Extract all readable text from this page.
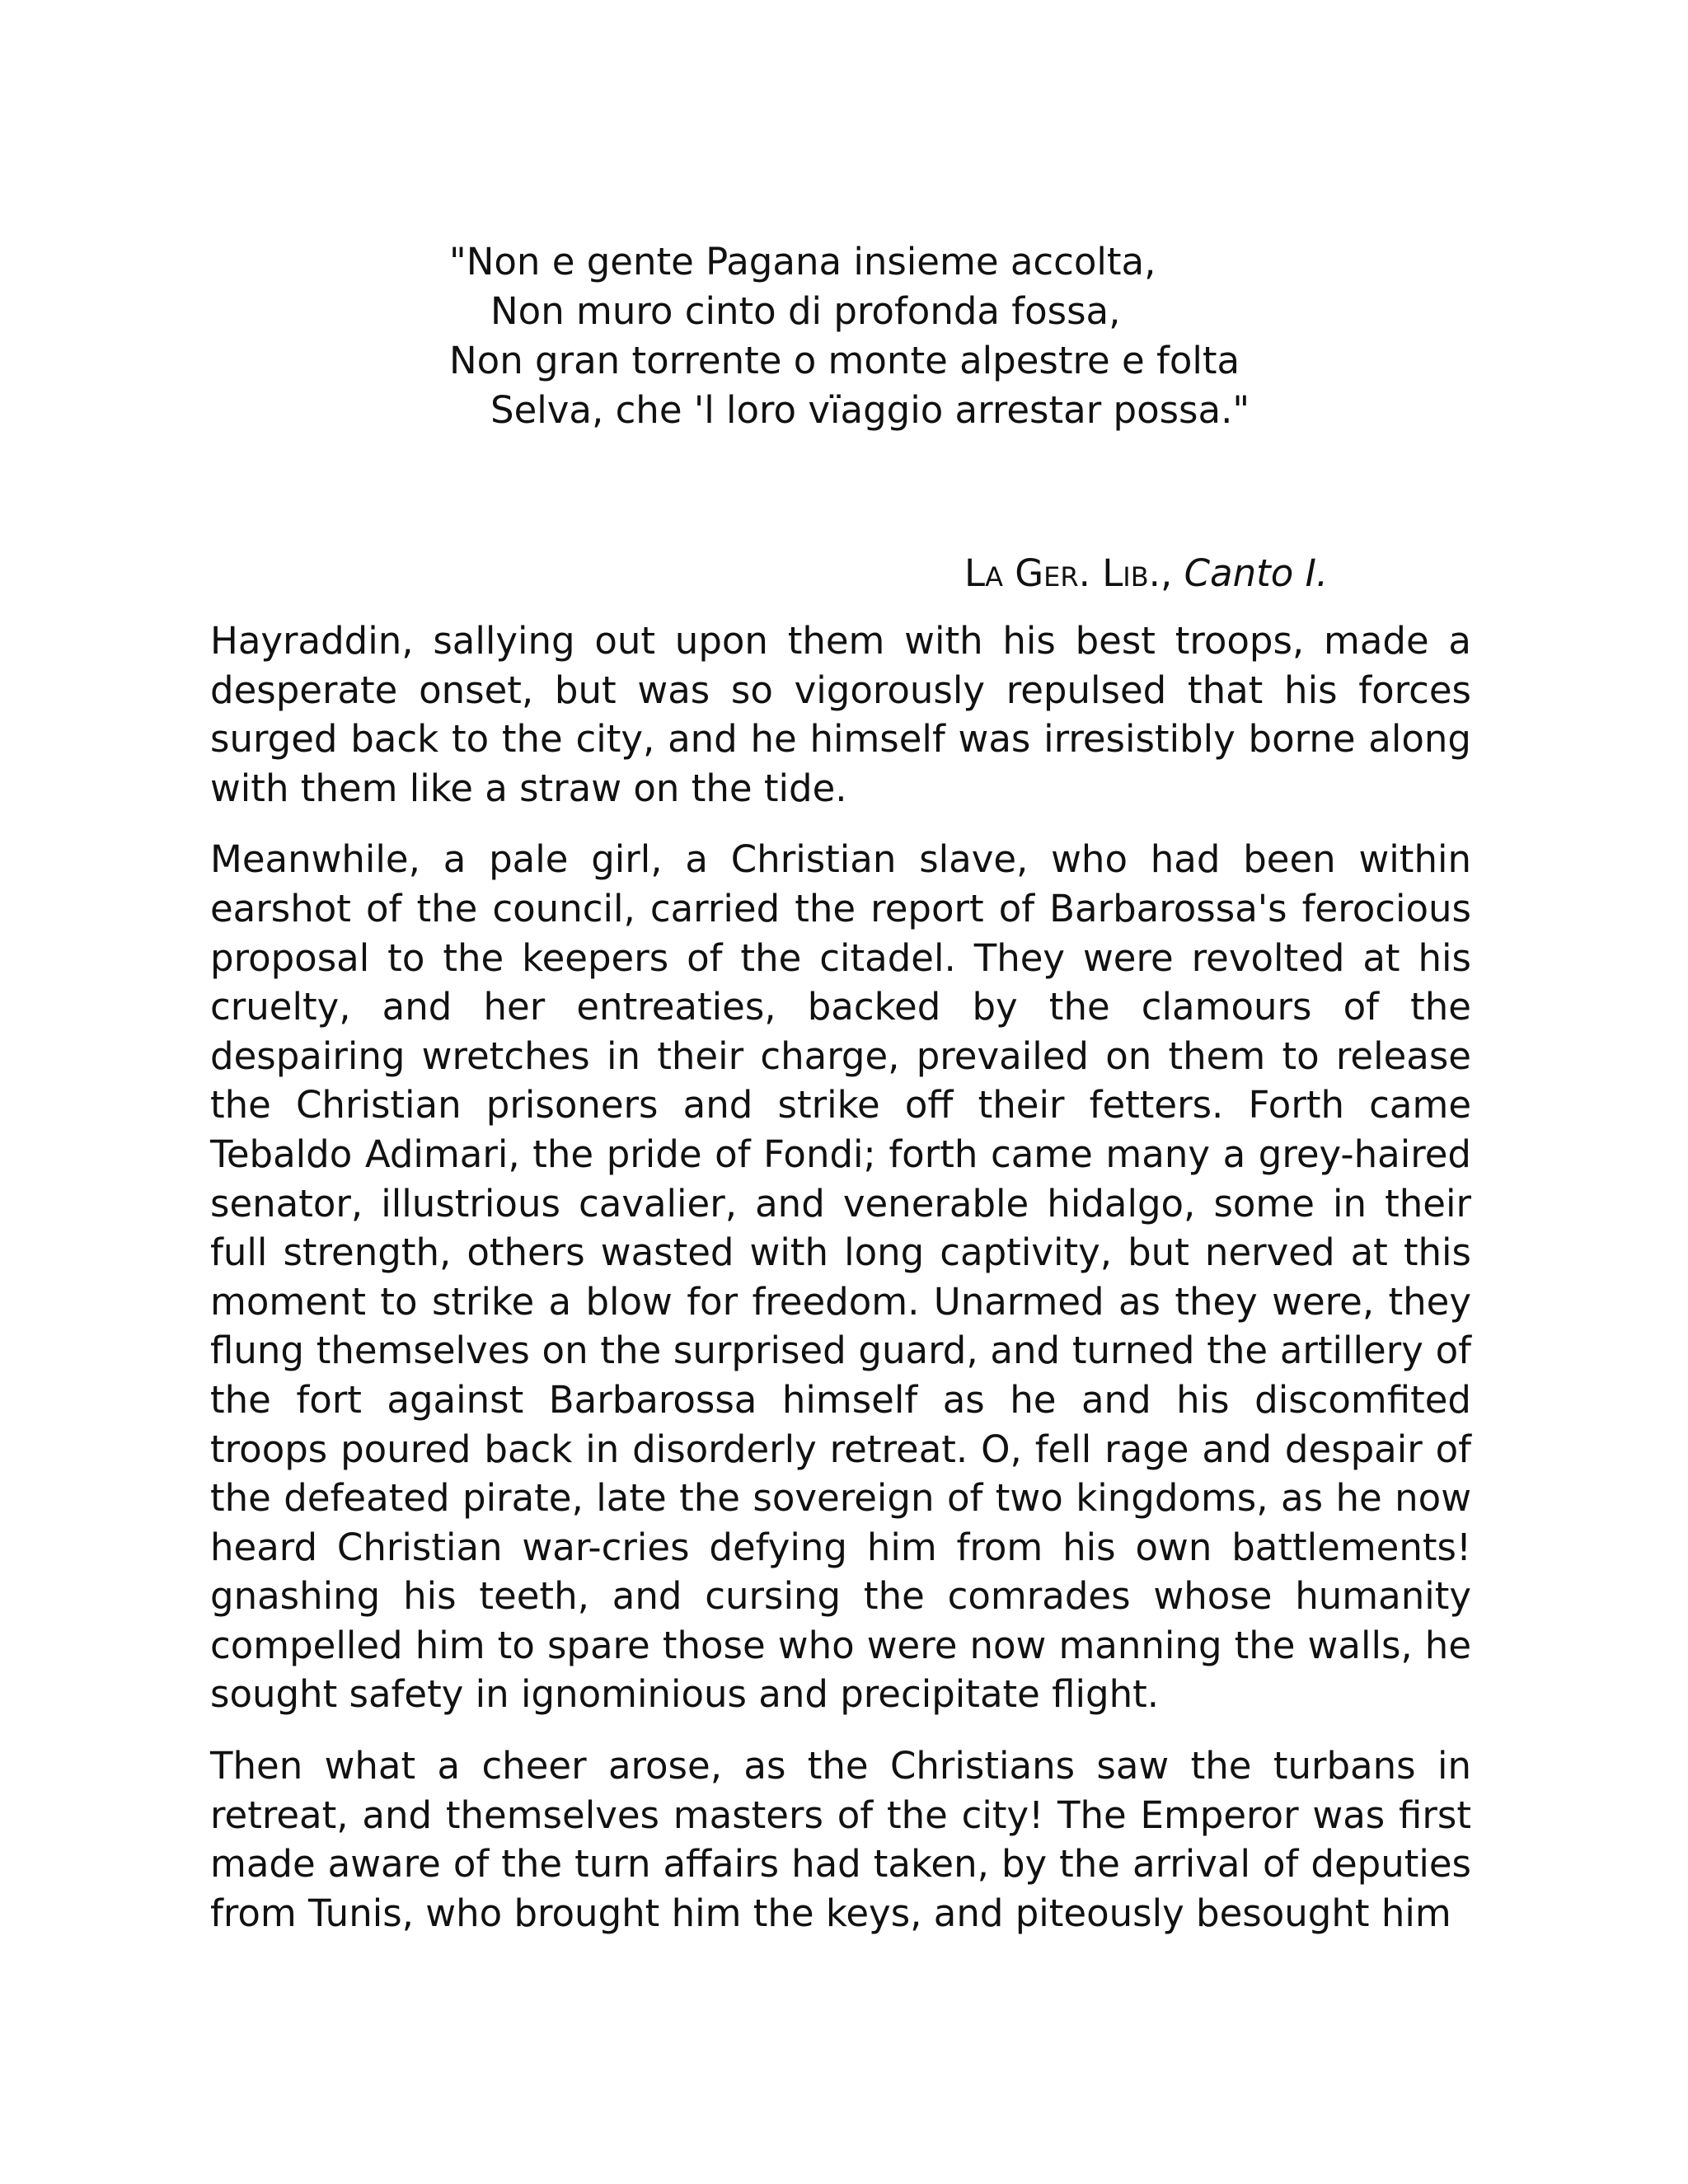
"Non e gente Pagana insieme accolta,
Non muro cinto di profonda fossa,
Non gran torrente o monte alpestre e folta
Selva, che 'l loro vïaggio arrestar possa."
La Ger. Lib., Canto I.

Hayraddin, sallying out upon them with his best troops, made a desperate onset, but was so vigorously repulsed that his forces surged back to the city, and he himself was irresistibly borne along with them like a straw on the tide.

Meanwhile, a pale girl, a Christian slave, who had been within earshot of the council, carried the report of Barbarossa's ferocious proposal to the keepers of the citadel. They were revolted at his cruelty, and her entreaties, backed by the clamours of the despairing wretches in their charge, prevailed on them to release the Christian prisoners and strike off their fetters. Forth came Tebaldo Adimari, the pride of Fondi; forth came many a grey-haired senator, illustrious cavalier, and venerable hidalgo, some in their full strength, others wasted with long captivity, but nerved at this moment to strike a blow for freedom. Unarmed as they were, they flung themselves on the surprised guard, and turned the artillery of the fort against Barbarossa himself as he and his discomfited troops poured back in disorderly retreat. O, fell rage and despair of the defeated pirate, late the sovereign of two kingdoms, as he now heard Christian war-cries defying him from his own battlements! gnashing his teeth, and cursing the comrades whose humanity compelled him to spare those who were now manning the walls, he sought safety in ignominious and precipitate flight.

Then what a cheer arose, as the Christians saw the turbans in retreat, and themselves masters of the city! The Emperor was first made aware of the turn affairs had taken, by the arrival of deputies from Tunis, who brought him the keys, and piteously besought him
